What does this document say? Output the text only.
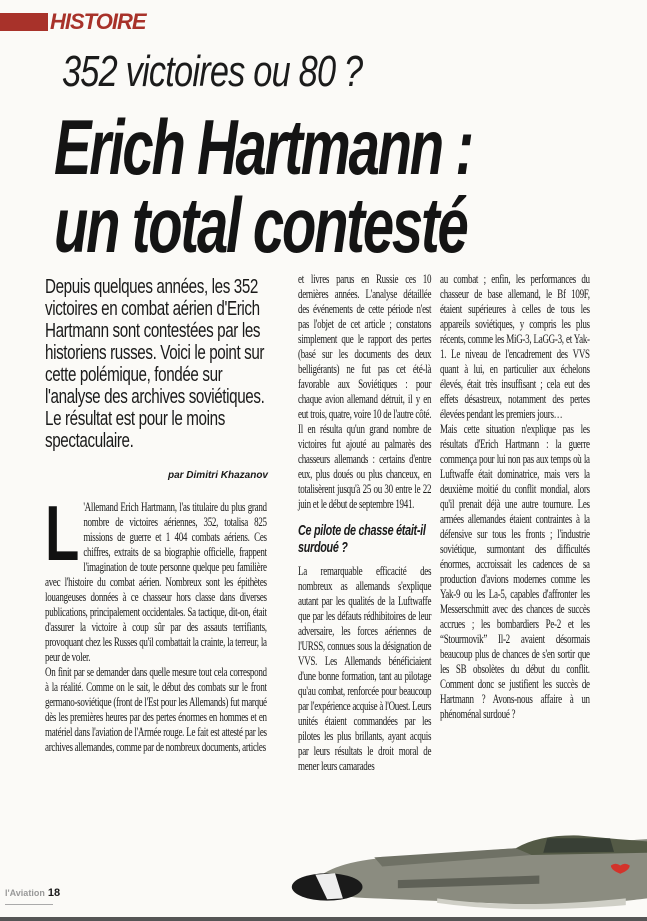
HISTOIRE
352 victoires ou 80 ?
Erich Hartmann :
un total contesté
Depuis quelques années, les 352 victoires en combat aérien d'Erich Hartmann sont contestées par les historiens russes. Voici le point sur cette polémique, fondée sur l'analyse des archives soviétiques. Le résultat est pour le moins spectaculaire.
par Dimitri Khazanov
L 'Allemand Erich Hartmann, l'as titulaire du plus grand nombre de victoires aériennes, 352, totalisa 825 missions de guerre et 1 404 combats aériens. Ces chiffres, extraits de sa biographie officielle, frappent l'imagination de toute personne quelque peu familière avec l'histoire du combat aérien. Nombreux sont les épithètes louangeuses données à ce chasseur hors classe dans diverses publications, principalement occidentales. Sa tactique, dit-on, était d'assurer la victoire à coup sûr par des assauts terrifiants, provoquant chez les Russes qu'il combattait la crainte, la terreur, la peur de voler.

On finit par se demander dans quelle mesure tout cela correspond à la réalité. Comme on le sait, le début des combats sur le front germano-soviétique (front de l'Est pour les Allemands) fut marqué dès les premières heures par des pertes énormes en hommes et en matériel dans l'aviation de l'Armée rouge. Le fait est attesté par les archives allemandes, comme par de nombreux documents, articles

et livres parus en Russie ces 10 dernières années. L'analyse détaillée des événements de cette période n'est pas l'objet de cet article ; constatons simplement que le rapport des pertes (basé sur les documents des deux belligérants) ne fut pas cet été-là favorable aux Soviétiques : pour chaque avion allemand détruit, il y en eut trois, quatre, voire 10 de l'autre côté. Il en résulta qu'un grand nombre de victoires fut ajouté au palmarès des chasseurs allemands : certains d'entre eux, plus doués ou plus chanceux, en totalisèrent jusqu'à 25 ou 30 entre le 22 juin et le début de septembre 1941.

Ce pilote de chasse était-il surdoué ?

La remarquable efficacité des nombreux as allemands s'explique autant par les qualités de la Luftwaffe que par les défauts rédhibitoires de leur adversaire, les forces aériennes de l'URSS, connues sous la désignation de VVS. Les Allemands bénéficiaient d'une bonne formation, tant au pilotage qu'au combat, renforcée pour beaucoup par l'expérience acquise à l'Ouest. Leurs unités étaient commandées par les pilotes les plus brillants, ayant acquis par leurs résultats le droit moral de mener leurs camarades

au combat ; enfin, les performances du chasseur de base allemand, le Bf 109F, étaient supérieures à celles de tous les appareils soviétiques, y compris les plus récents, comme les MiG-3, LaGG-3, et Yak-1. Le niveau de l'encadrement des VVS quant à lui, en particulier aux échelons élevés, était très insuffisant ; cela eut des effets désastreux, notamment des pertes élevées pendant les premiers jours…

Mais cette situation n'explique pas les résultats d'Erich Hartmann : la guerre commença pour lui non pas aux temps où la Luftwaffe était dominatrice, mais vers la deuxième moitié du conflit mondial, alors qu'il prenait déjà une autre tournure. Les armées allemandes étaient contraintes à la défensive sur tous les fronts ; l'industrie soviétique, surmontant des difficultés énormes, accroissait les cadences de sa production d'avions modernes comme les Yak-9 ou les La-5, capables d'affronter les Messerschmitt avec des chances de succès accrues ; les bombardiers Pe-2 et les “Stourmovik” Il-2 avaient désormais beaucoup plus de chances de s'en sortir que les SB obsolètes du début du conflit. Comment donc se justifient les succès de Hartmann ? Avons-nous affaire à un phénoménal surdoué ?

l'Aviation 18
